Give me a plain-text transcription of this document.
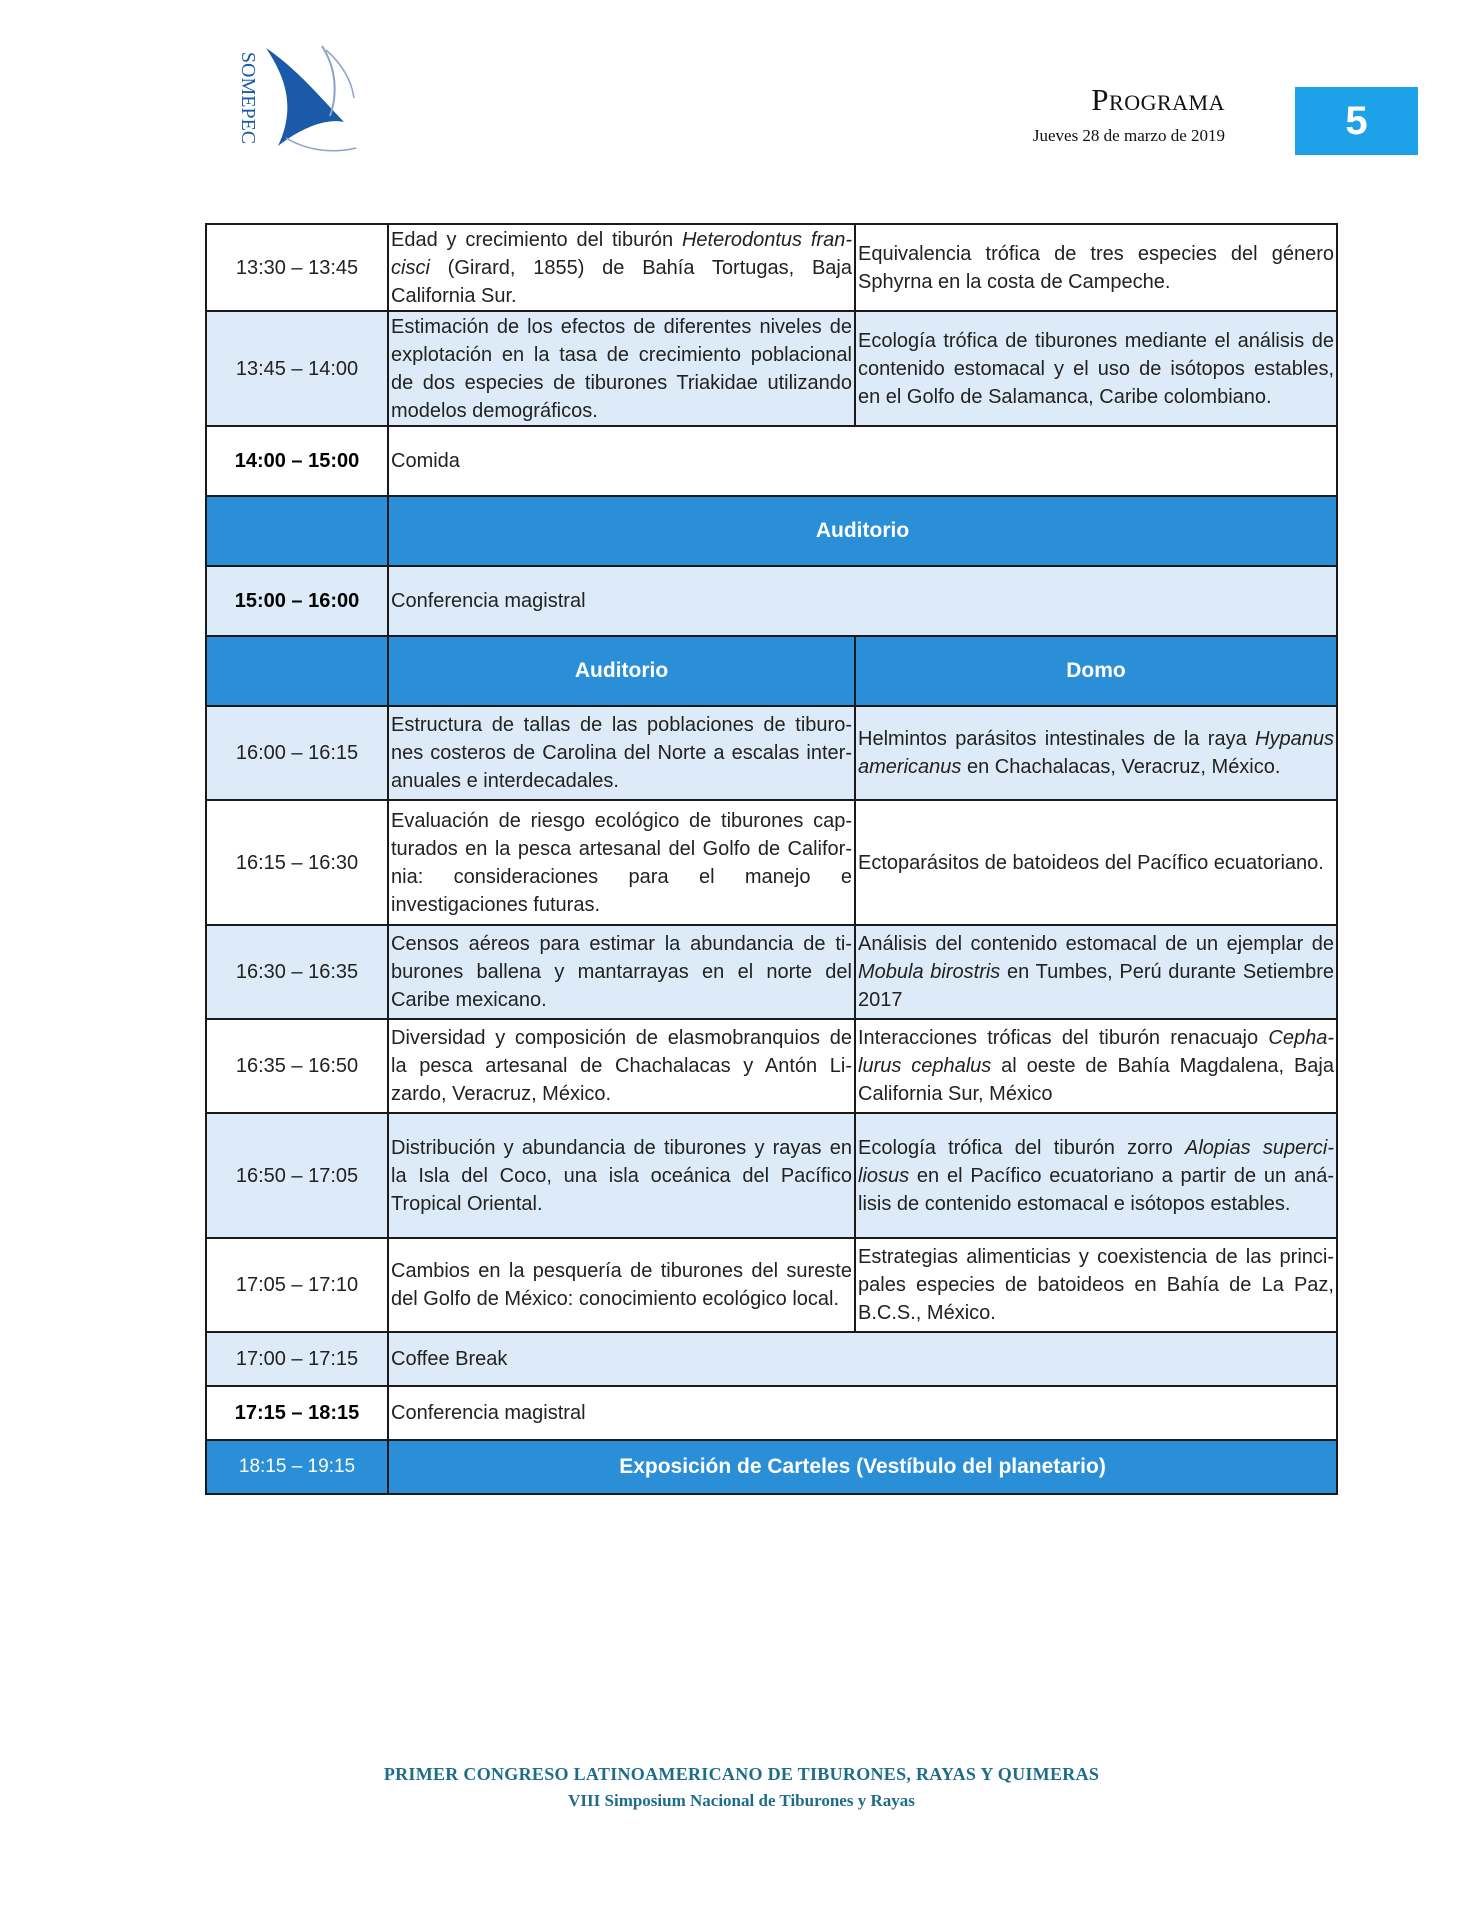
SOMEPEC	Programa
Jueves 28 de marzo de 2019	5
13:30 – 13:45	Edad y crecimiento del tiburón Heterodontus fran-cisci (Girard, 1855) de Bahía Tortugas, Baja California Sur.	Equivalencia trófica de tres especies del género Sphyrna en la costa de Campeche.
13:45 – 14:00	Estimación de los efectos de diferentes niveles de explotación en la tasa de crecimiento poblacional de dos especies de tiburones Triakidae utilizando modelos demográficos.	Ecología trófica de tiburones mediante el análisis de contenido estomacal y el uso de isótopos estables, en el Golfo de Salamanca, Caribe colombiano.
14:00 – 15:00	Comida	
	Auditorio	
15:00 – 16:00	Conferencia magistral	
	Auditorio	Domo
16:00 – 16:15	Estructura de tallas de las poblaciones de tiburo-nes costeros de Carolina del Norte a escalas inter-anuales e interdecadales.	Helmintos parásitos intestinales de la raya Hypanus americanus en Chachalacas, Veracruz, México.
16:15 – 16:30	Evaluación de riesgo ecológico de tiburones cap-turados en la pesca artesanal del Golfo de Califor-nia: consideraciones para el manejo e investigaciones futuras.	Ectoparásitos de batoideos del Pacífico ecuatoriano.
16:30 – 16:35	Censos aéreos para estimar la abundancia de ti-burones ballena y mantarrayas en el norte del Caribe mexicano.	Análisis del contenido estomacal de un ejemplar de Mobula birostris en Tumbes, Perú durante Setiembre 2017
16:35 – 16:50	Diversidad y composición de elasmobranquios de la pesca artesanal de Chachalacas y Antón Li-zardo, Veracruz, México.	Interacciones tróficas del tiburón renacuajo Cepha-lurus cephalus al oeste de Bahía Magdalena, Baja California Sur, México
16:50 – 17:05	Distribución y abundancia de tiburones y rayas en la Isla del Coco, una isla oceánica del Pacífico Tropical Oriental.	Ecología trófica del tiburón zorro Alopias superci-liosus en el Pacífico ecuatoriano a partir de un aná-lisis de contenido estomacal e isótopos estables.
17:05 – 17:10	Cambios en la pesquería de tiburones del sureste del Golfo de México: conocimiento ecológico local.	Estrategias alimenticias y coexistencia de las princi-pales especies de batoideos en Bahía de La Paz, B.C.S., México.
17:00 – 17:15	Coffee Break	
17:15 – 18:15	Conferencia magistral	
18:15 – 19:15	Exposición de Carteles (Vestíbulo del planetario)	
PRIMER CONGRESO LATINOAMERICANO DE TIBURONES, RAYAS Y QUIMERAS
VIII Simposium Nacional de Tiburones y Rayas
